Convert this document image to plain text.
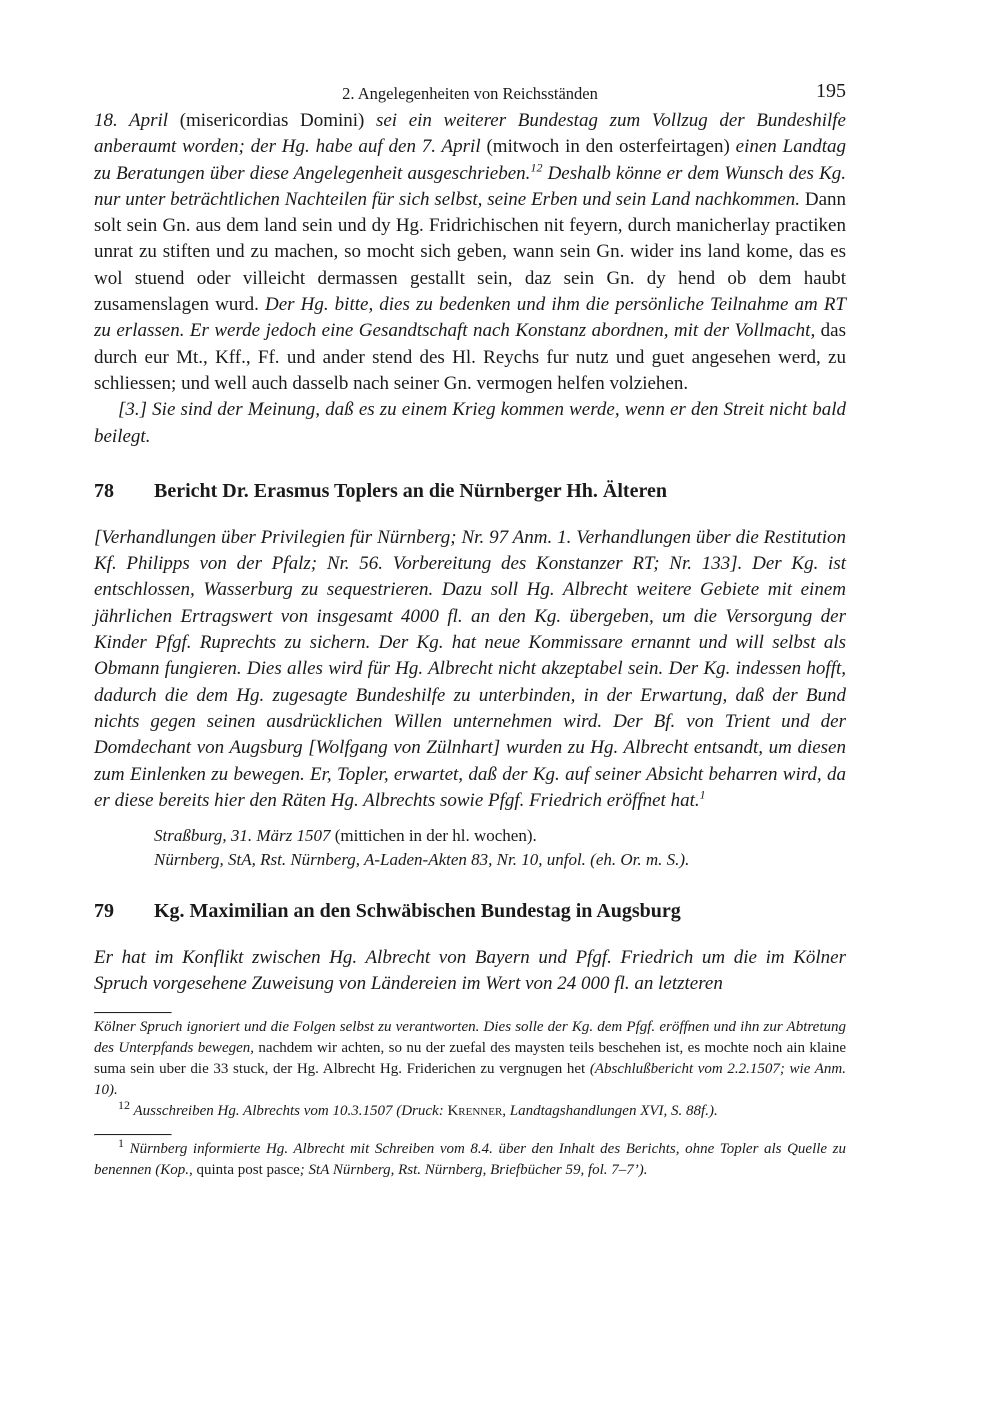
2. Angelegenheiten von Reichsständen	195

18. April (misericordias Domini) sei ein weiterer Bundestag zum Vollzug der Bundeshilfe anberaumt worden; der Hg. habe auf den 7. April (mitwoch in den osterfeirtagen) einen Landtag zu Beratungen über diese Angelegenheit ausgeschrieben.$^{12}$ Deshalb könne er dem Wunsch des Kg. nur unter beträchtlichen Nachteilen für sich selbst, seine Erben und sein Land nachkommen. Dann solt sein Gn. aus dem land sein und dy Hg. Fridrichischen nit feyern, durch manicherlay practiken unrat zu stiften und zu machen, so mocht sich geben, wann sein Gn. wider ins land kome, das es wol stuend oder villeicht dermassen gestallt sein, daz sein Gn. dy hend ob dem haubt zusamenslagen wurd. Der Hg. bitte, dies zu bedenken und ihm die persönliche Teilnahme am RT zu erlassen. Er werde jedoch eine Gesandtschaft nach Konstanz abordnen, mit der Vollmacht, das durch eur Mt., Kff., Ff. und ander stend des Hl. Reychs fur nutz und guet angesehen werd, zu schliessen; und well auch dasselb nach seiner Gn. vermogen helfen volziehen.

[3.] Sie sind der Meinung, daß es zu einem Krieg kommen werde, wenn er den Streit nicht bald beilegt.

78	Bericht Dr. Erasmus Toplers an die Nürnberger Hh. Älteren

[Verhandlungen über Privilegien für Nürnberg; Nr. 97 Anm. 1. Verhandlungen über die Restitution Kf. Philipps von der Pfalz; Nr. 56. Vorbereitung des Konstanzer RT; Nr. 133]. Der Kg. ist entschlossen, Wasserburg zu sequestrieren. Dazu soll Hg. Albrecht weitere Gebiete mit einem jährlichen Ertragswert von insgesamt 4000 fl. an den Kg. übergeben, um die Versorgung der Kinder Pfgf. Ruprechts zu sichern. Der Kg. hat neue Kommissare ernannt und will selbst als Obmann fungieren. Dies alles wird für Hg. Albrecht nicht akzeptabel sein. Der Kg. indessen hofft, dadurch die dem Hg. zugesagte Bundeshilfe zu unterbinden, in der Erwartung, daß der Bund nichts gegen seinen ausdrücklichen Willen unternehmen wird. Der Bf. von Trient und der Domdechant von Augsburg [Wolfgang von Zülnhart] wurden zu Hg. Albrecht entsandt, um diesen zum Einlenken zu bewegen. Er, Topler, erwartet, daß der Kg. auf seiner Absicht beharren wird, da er diese bereits hier den Räten Hg. Albrechts sowie Pfgf. Friedrich eröffnet hat.$^1$

Straßburg, 31. März 1507 (mittichen in der hl. wochen).
Nürnberg, StA, Rst. Nürnberg, A-Laden-Akten 83, Nr. 10, unfol. (eh. Or. m. S.).
79	Kg. Maximilian an den Schwäbischen Bundestag in Augsburg

Er hat im Konflikt zwischen Hg. Albrecht von Bayern und Pfgf. Friedrich um die im Kölner Spruch vorgesehene Zuweisung von Ländereien im Wert von 24 000 fl. an letzteren

Kölner Spruch ignoriert und die Folgen selbst zu verantworten. Dies solle der Kg. dem Pfgf. eröffnen und ihn zur Abtretung des Unterpfands bewegen, nachdem wir achten, so nu der zuefal des maysten teils beschehen ist, es mochte noch ain klaine suma sein uber die 33 stuck, der Hg. Albrecht Hg. Friderichen zu vergnugen het (Abschlußbericht vom 2.2.1507; wie Anm. 10).

$^{12}$ Ausschreiben Hg. Albrechts vom 10.3.1507 (Druck: Krenner, Landtagshandlungen XVI, S. 88f.).

$^1$ Nürnberg informierte Hg. Albrecht mit Schreiben vom 8.4. über den Inhalt des Berichts, ohne Topler als Quelle zu benennen (Kop., quinta post pasce; StA Nürnberg, Rst. Nürnberg, Briefbücher 59, fol. 7–7’).
